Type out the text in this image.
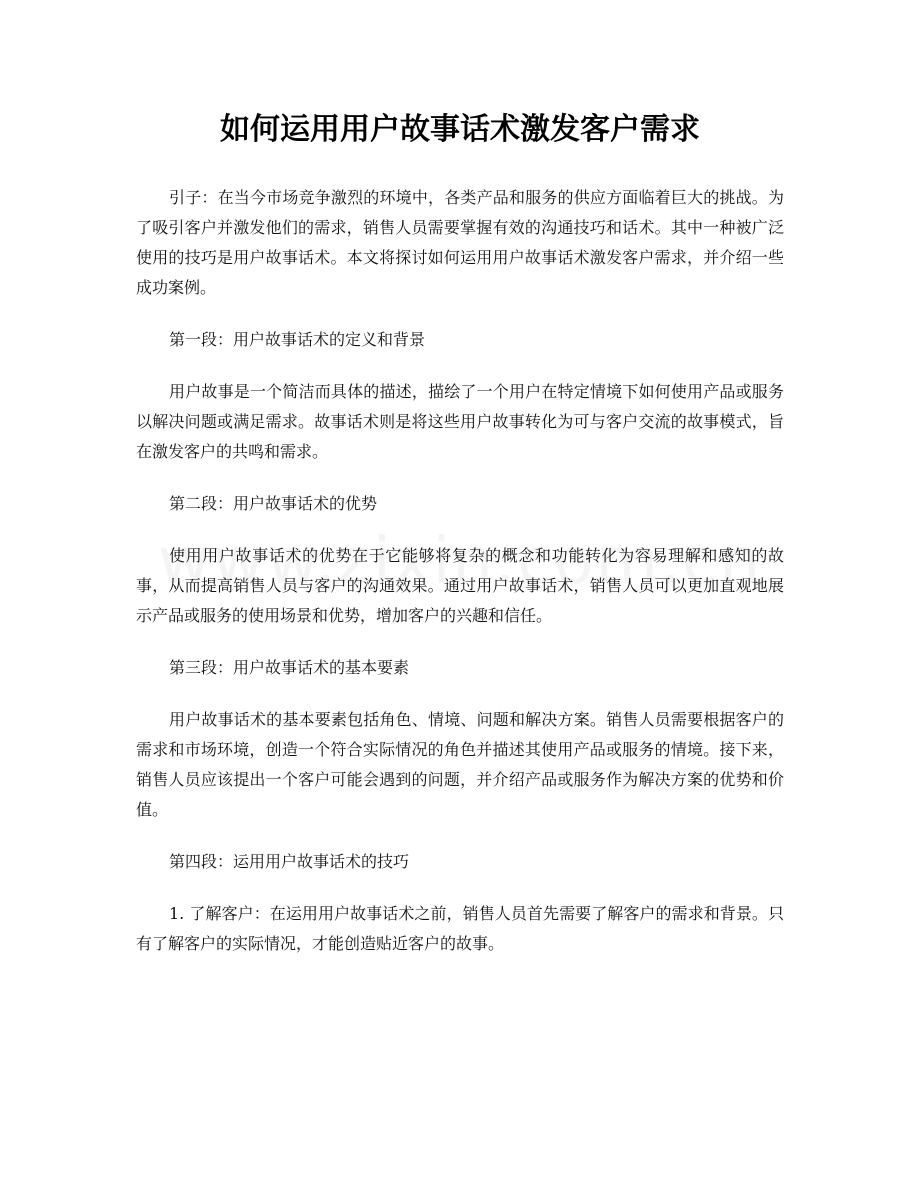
如何运用用户故事话术激发客户需求

引子：在当今市场竞争激烈的环境中，各类产品和服务的供应方面临着巨大的挑战。为了吸引客户并激发他们的需求，销售人员需要掌握有效的沟通技巧和话术。其中一种被广泛使用的技巧是用户故事话术。本文将探讨如何运用用户故事话术激发客户需求，并介绍一些成功案例。

第一段：用户故事话术的定义和背景

用户故事是一个简洁而具体的描述，描绘了一个用户在特定情境下如何使用产品或服务以解决问题或满足需求。故事话术则是将这些用户故事转化为可与客户交流的故事模式，旨在激发客户的共鸣和需求。

第二段：用户故事话术的优势

使用用户故事话术的优势在于它能够将复杂的概念和功能转化为容易理解和感知的故事，从而提高销售人员与客户的沟通效果。通过用户故事话术，销售人员可以更加直观地展示产品或服务的使用场景和优势，增加客户的兴趣和信任。

第三段：用户故事话术的基本要素

用户故事话术的基本要素包括角色、情境、问题和解决方案。销售人员需要根据客户的需求和市场环境，创造一个符合实际情况的角色并描述其使用产品或服务的情境。接下来，销售人员应该提出一个客户可能会遇到的问题，并介绍产品或服务作为解决方案的优势和价值。

第四段：运用用户故事话术的技巧

1. 了解客户：在运用用户故事话术之前，销售人员首先需要了解客户的需求和背景。只有了解客户的实际情况，才能创造贴近客户的故事。
